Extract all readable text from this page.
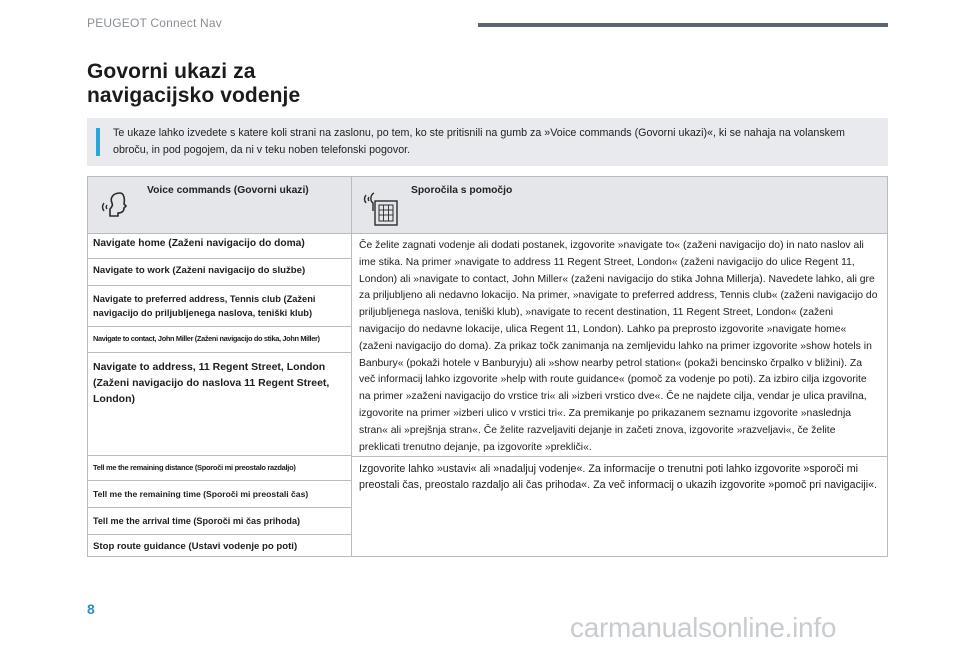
PEUGEOT Connect Nav
Govorni ukazi za
navigacijsko vodenje
Te ukaze lahko izvedete s katere koli strani na zaslonu, po tem, ko ste pritisnili na gumb za »Voice commands (Govorni ukazi)«, ki se nahaja na volanskem obroču, in pod pogojem, da ni v teku noben telefonski pogovor.
Voice commands (Govorni ukazi)	Sporočila s pomočjo
Navigate home (Zaženi navigacijo do doma)
Navigate to work (Zaženi navigacijo do službe)
Navigate to preferred address, Tennis club (Zaženi navigacijo do priljubljenega naslova, teniški klub)
Navigate to contact, John Miller (Zaženi navigacijo do stika, John Miller)
Navigate to address, 11 Regent Street, London (Zaženi navigacijo do naslova 11 Regent Street, London)
Tell me the remaining distance (Sporoči mi preostalo razdaljo)
Tell me the remaining time (Sporoči mi preostali čas)
Tell me the arrival time (Sporoči mi čas prihoda)
Stop route guidance (Ustavi vodenje po poti)
Če želite zagnati vodenje ali dodati postanek, izgovorite »navigate to« (zaženi navigacijo do) in nato naslov ali ime stika. Na primer »navigate to address 11 Regent Street, London« (zaženi navigacijo do ulice Regent 11, London) ali »navigate to contact, John Miller« (zaženi navigacijo do stika Johna Millerja). Navedete lahko, ali gre za priljubljeno ali nedavno lokacijo. Na primer, »navigate to preferred address, Tennis club« (zaženi navigacijo do priljubljenega naslova, teniški klub), »navigate to recent destination, 11 Regent Street, London« (zaženi navigacijo do nedavne lokacije, ulica Regent 11, London). Lahko pa preprosto izgovorite »navigate home« (zaženi navigacijo do doma). Za prikaz točk zanimanja na zemljevidu lahko na primer izgovorite »show hotels in Banbury« (pokaži hotele v Banburyju) ali »show nearby petrol station« (pokaži bencinsko črpalko v bližini). Za več informacij lahko izgovorite »help with route guidance« (pomoč za vodenje po poti). Za izbiro cilja izgovorite na primer »zaženi navigacijo do vrstice tri« ali »izberi vrstico dve«. Če ne najdete cilja, vendar je ulica pravilna, izgovorite na primer »izberi ulico v vrstici tri«. Za premikanje po prikazanem seznamu izgovorite »naslednja stran« ali »prejšnja stran«. Če želite razveljaviti dejanje in začeti znova, izgovorite »razveljavi«, če želite preklicati trenutno dejanje, pa izgovorite »prekliči«.
Izgovorite lahko »ustavi« ali »nadaljuj vodenje«. Za informacije o trenutni poti lahko izgovorite »sporoči mi preostali čas, preostalo razdaljo ali čas prihoda«. Za več informacij o ukazih izgovorite »pomoč pri navigaciji«.
8
carmanualsonline.info
